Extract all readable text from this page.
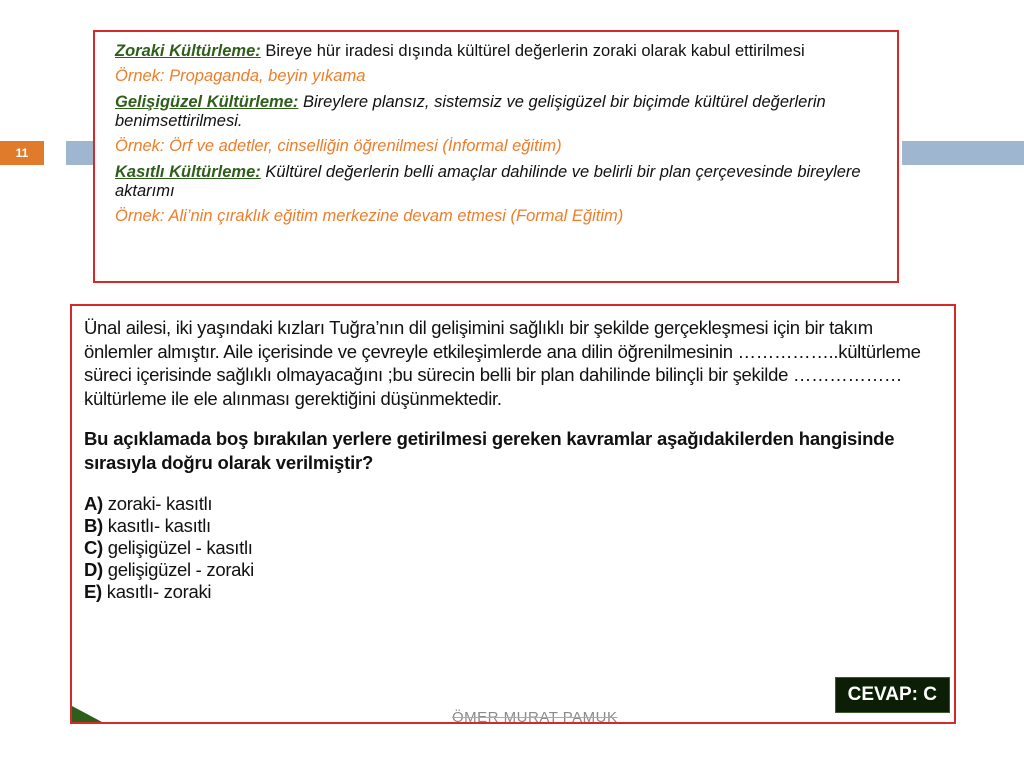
11

Zoraki Kültürleme: Bireye hür iradesi dışında kültürel değerlerin zoraki olarak kabul ettirilmesi

Örnek: Propaganda, beyin yıkama

Gelişigüzel Kültürleme: Bireylere plansız, sistemsiz ve gelişigüzel bir biçimde kültürel değerlerin benimsettirilmesi.

Örnek: Örf ve adetler, cinselliğin öğrenilmesi (İnformal eğitim)

Kasıtlı Kültürleme: Kültürel değerlerin belli amaçlar dahilinde ve belirli bir plan çerçevesinde bireylere aktarımı

Örnek: Ali’nin çıraklık eğitim merkezine devam etmesi (Formal Eğitim)

Ünal ailesi, iki yaşındaki kızları Tuğra’nın dil gelişimini sağlıklı bir şekilde gerçekleşmesi için bir takım önlemler almıştır. Aile içerisinde ve çevreyle etkileşimlerde ana dilin öğrenilmesinin ……………..kültürleme süreci içerisinde sağlıklı olmayacağını ;bu sürecin belli bir plan dahilinde bilinçli bir şekilde ……………… kültürleme ile ele alınması gerektiğini düşünmektedir.

Bu açıklamada boş bırakılan yerlere getirilmesi gereken kavramlar aşağıdakilerden hangisinde sırasıyla doğru olarak verilmiştir?

A) zoraki- kasıtlı
B) kasıtlı- kasıtlı
C) gelişigüzel - kasıtlı
D) gelişigüzel - zoraki
E) kasıtlı- zoraki
CEVAP: C
ÖMER MURAT PAMUK
